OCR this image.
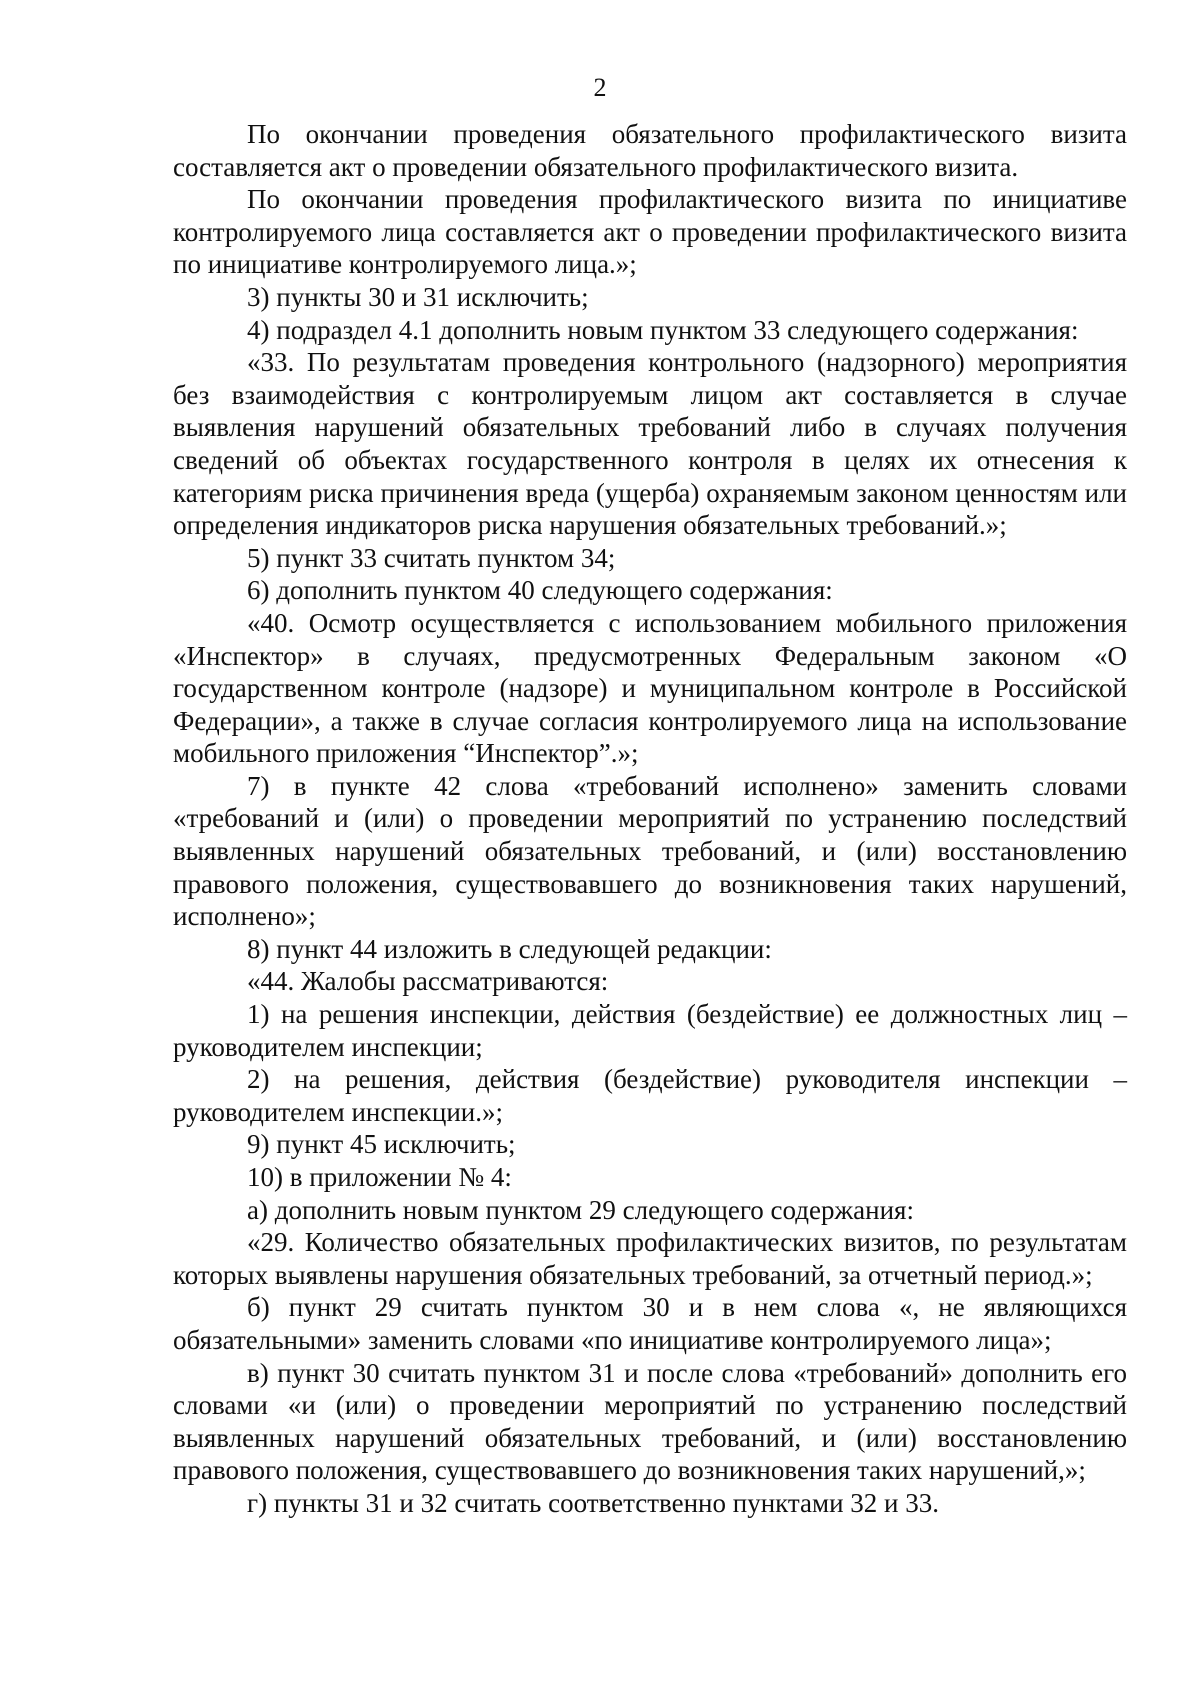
2

По окончании проведения обязательного профилактического визита составляется акт о проведении обязательного профилактического визита.

По окончании проведения профилактического визита по инициативе контролируемого лица составляется акт о проведении профилактического визита по инициативе контролируемого лица.»;

3) пункты 30 и 31 исключить;

4) подраздел 4.1 дополнить новым пунктом 33 следующего содержания:

«33. По результатам проведения контрольного (надзорного) мероприятия без взаимодействия с контролируемым лицом акт составляется в случае выявления нарушений обязательных требований либо в случаях получения сведений об объектах государственного контроля в целях их отнесения к категориям риска причинения вреда (ущерба) охраняемым законом ценностям или определения индикаторов риска нарушения обязательных требований.»;

5) пункт 33 считать пунктом 34;

6) дополнить пунктом 40 следующего содержания:

«40. Осмотр осуществляется с использованием мобильного приложения «Инспектор» в случаях, предусмотренных Федеральным законом «О государственном контроле (надзоре) и муниципальном контроле в Российской Федерации», а также в случае согласия контролируемого лица на использование мобильного приложения “Инспектор”.»;

7) в пункте 42 слова «требований исполнено» заменить словами «требований и (или) о проведении мероприятий по устранению последствий выявленных нарушений обязательных требований, и (или) восстановлению правового положения, существовавшего до возникновения таких нарушений, исполнено»;

8) пункт 44 изложить в следующей редакции:

«44. Жалобы рассматриваются:

1) на решения инспекции, действия (бездействие) ее должностных лиц – руководителем инспекции;

2) на решения, действия (бездействие) руководителя инспекции – руководителем инспекции.»;

9) пункт 45 исключить;

10) в приложении № 4:

а) дополнить новым пунктом 29 следующего содержания:

«29. Количество обязательных профилактических визитов, по результатам которых выявлены нарушения обязательных требований, за отчетный период.»;

б) пункт 29 считать пунктом 30 и в нем слова «, не являющихся обязательными» заменить словами «по инициативе контролируемого лица»;

в) пункт 30 считать пунктом 31 и после слова «требований» дополнить его словами «и (или) о проведении мероприятий по устранению последствий выявленных нарушений обязательных требований, и (или) восстановлению правового положения, существовавшего до возникновения таких нарушений,»;

г) пункты 31 и 32 считать соответственно пунктами 32 и 33.
